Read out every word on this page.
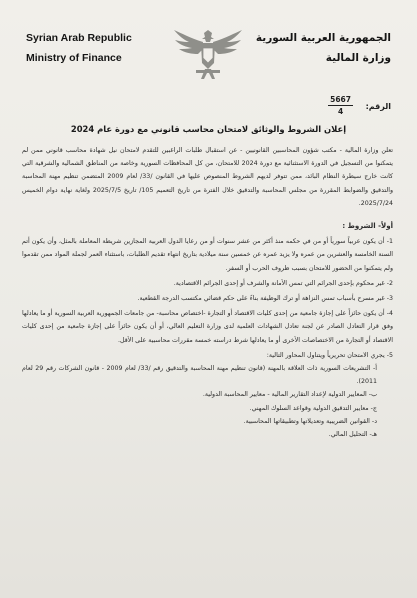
Syrian Arab Republic
Ministry of Finance
الجمهورية العربية السورية
وزارة المالية
5667
4
الرقم:
إعلان الشروط والوثائق لامتحان محاسب قانوني مع دورة عام 2024

تعلن وزارة المالية - مكتب شؤون المحاسبين القانونيين - عن استقبال طلبات الراغبين للتقدم لامتحان نيل شهادة محاسب قانوني ممن لم يتمكنوا من التسجيل في الدورة الاستثنائية مع دورة 2024 للامتحان، من كل المحافظات السورية وخاصة من المناطق الشمالية والشرقية التي كانت خارج سيطرة النظام البائد، ممن تتوفر لديهم الشروط المنصوص عليها في القانون /33/ لعام 2009 المتضمن تنظيم مهنة المحاسبة والتدقيق والضوابط المقررة من مجلس المحاسبة والتدقيق خلال الفترة من تاريخ التعميم 105/ تاريخ 2025/7/5 ولغاية نهاية دوام الخميس 2025/7/24.

أولاً- الشروط :

1- أن يكون عربياً سورياً أو من في حكمه منذ أكثر من عشر سنوات أو من رعايا الدول العربية المجازين شريطة المعاملة بالمثل، وأن يكون أتم السنة الخامسة والعشرين من عمره ولا يزيد عمره عن خمسين سنة ميلادية بتاريخ انتهاء تقديم الطلبات، باستثناء العمر لجملة المواد ممن تقدموا ولم يتمكنوا من الحضور للامتحان بسبب ظروف الحرب أو السفر.

2- غير محكوم بإحدى الجرائم التي تمس الأمانة والشرف أو إحدى الجرائم الاقتصادية.

3- غير مسرح بأسباب تمس النزاهة أو ترك الوظيفة بناءً على حكم قضائي مكتسب الدرجة القطعية.

4- أن يكون حائزاً على إجازة جامعية من إحدى كليات الاقتصاد أو التجارة -اختصاص محاسبة- من جامعات الجمهورية العربية السورية أو ما يعادلها وفق قرار التعادل الصادر عن لجنة تعادل الشهادات العلمية لدى وزارة التعليم العالي، أو أن يكون حائزاً على إجازة جامعية من إحدى كليات الاقتصاد أو التجارة من الاختصاصات الأخرى أو ما يعادلها شرط دراسته خمسة مقررات محاسبية على الأقل.

5- يجري الامتحان تحريرياً ويتناول المحاور التالية:

أ- التشريعات السورية ذات العلاقة بالمهنة (قانون تنظيم مهنة المحاسبة والتدقيق رقم /33/ لعام 2009 - قانون الشركات رقم 29 لعام 2011).

ب- المعايير الدولية لإعداد التقارير المالية - معايير المحاسبة الدولية.

ج- معايير التدقيق الدولية وقواعد السلوك المهني.

د- القوانين الضريبية وتعديلاتها وتطبيقاتها المحاسبية.

هـ- التحليل المالي.
